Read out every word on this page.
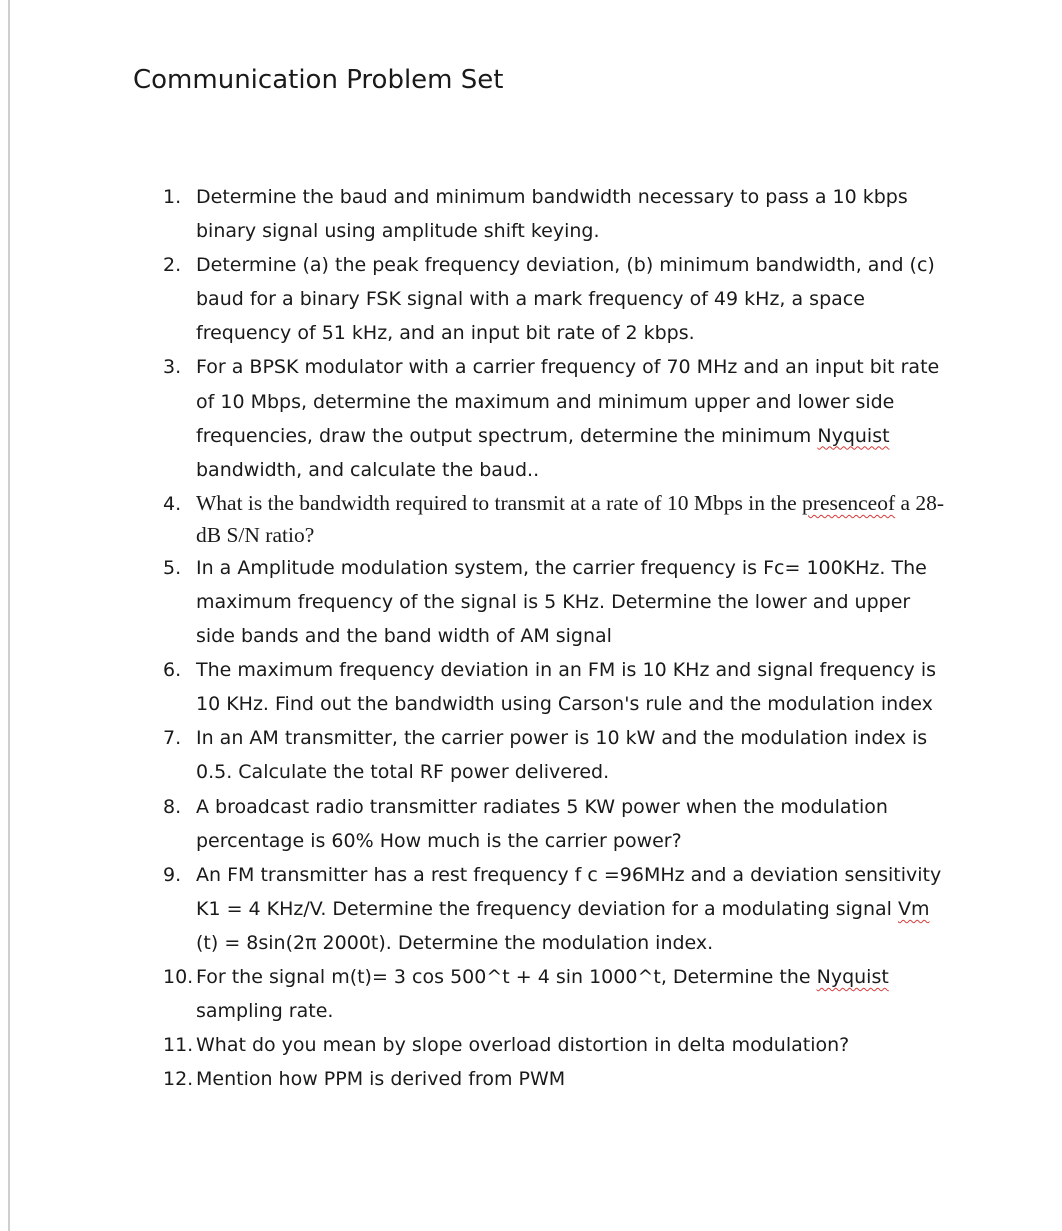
Communication Problem Set
1. Determine the baud and minimum bandwidth necessary to pass a 10 kbps binary signal using amplitude shift keying.
2. Determine (a) the peak frequency deviation, (b) minimum bandwidth, and (c) baud for a binary FSK signal with a mark frequency of 49 kHz, a space frequency of 51 kHz, and an input bit rate of 2 kbps.
3. For a BPSK modulator with a carrier frequency of 70 MHz and an input bit rate of 10 Mbps, determine the maximum and minimum upper and lower side frequencies, draw the output spectrum, determine the minimum Nyquist bandwidth, and calculate the baud..
4. What is the bandwidth required to transmit at a rate of 10 Mbps in the presenceof a 28-dB S/N ratio?
5. In a Amplitude modulation system, the carrier frequency is Fc= 100KHz. The maximum frequency of the signal is 5 KHz. Determine the lower and upper side bands and the band width of AM signal
6. The maximum frequency deviation in an FM is 10 KHz and signal frequency is 10 KHz. Find out the bandwidth using Carson's rule and the modulation index
7. In an AM transmitter, the carrier power is 10 kW and the modulation index is 0.5. Calculate the total RF power delivered.
8. A broadcast radio transmitter radiates 5 KW power when the modulation percentage is 60% How much is the carrier power?
9. An FM transmitter has a rest frequency f c =96MHz and a deviation sensitivity K1 = 4 KHz/V. Determine the frequency deviation for a modulating signal Vm (t) = 8sin(2π 2000t). Determine the modulation index.
10. For the signal m(t)= 3 cos 500^t + 4 sin 1000^t, Determine the Nyquist sampling rate.
11. What do you mean by slope overload distortion in delta modulation?
12. Mention how PPM is derived from PWM
